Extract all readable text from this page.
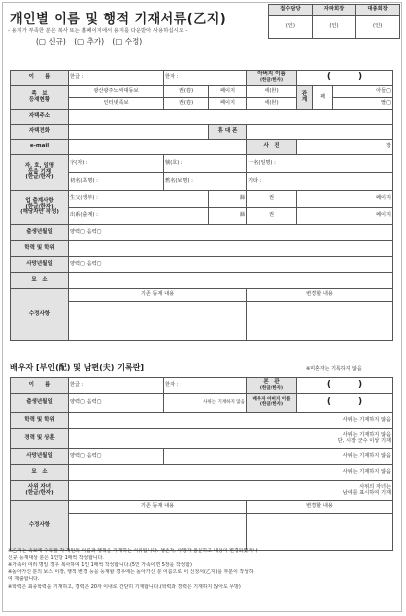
개인별 이름 및 행적 기재서류(乙지)
- 용지가 부족한 분은 복사 또는 홈페이지에서 용지를 다운받아 사용하십시오 -
(▢ 신규) (▢ 추가) (▢ 수정)
접수담당	자파회장	대종회장
(인)	(인)	(인)
이　　름	한글 :	한자 :		아버지 이름
(한글/한자)	(　　　)		
족　보
등재현황	광산광주노씨대동보	권(卷)	페이지	세(世)	관
계	째	아들▢
	인터넷족보	권(卷)	페이지	세(世)			딸▢
자택주소							
자택전화			휴 대 폰				
e-mail				사　진	장		
자, 호, 일명
등을 기재
(한글/한자)	字(자) :	號(호) :		一名(일명) :			
	初名(초명) :	舊名(보명) :		기타 :			
업 출계사항
(한글/한자)
(해당자만 작성)	生父(생부) :		篩	권	페이지		
	出系(출계) :		篩	권	페이지		
출생년월일	양력▢ 음력▢						
학력 및 학위							
사망년월일	양력▢ 음력▢						
묘　소							
수정사항	기존 등재 내용			변경할 내용			

배우자 [부인(配) 및 남편(夫) 기록란]	※미혼자는 기록하지 않음
이　　름	한글 :	한자 :	본　관
(한글/한자)	(　　　)
출생년월일	양력▢ 음력▢	사위는 기재하지 않음	배우자 아버지 이름
(한글/한자)	(　　　)
학력 및 학위	사위는 기재하지 않음			
경력 및 상훈	사위는 기재하지 않음
단, 시장 군수 이상 기재			
사망년월일	양력▢ 음력▢	사위는 기재하지 않음		
묘　소	사위는 기재하지 않음			
사위 자녀
(한글/한자)	사위의 자녀는
남여를 표시하여 기재			
수정사항	기존 등재 내용		변경할 내용	

※乙지는 족보에 수록할 각 개인의 이름과 행적을 기재하는 서류입니다. 생존자, 사망자 불문하고 내용이 변경되었거나
신규 등재대상 분은 1인당 1매씩 작성합니다.
※가족이 여러 명일 경우 복사하여 1인 1매씩 작성합니다.(5인 가족이면 5장을 작성함)
※돌아가신 분의 보스 이장, 행적 변경 등을 등재할 경우에는 돌아가신 분 이름으로 이 신청서(乙지)를 부분이 작성하
여 제출합니다.
※학력은 최종학력을 기재하고, 경력은 20자 이내로 간단히 기재합니다.(학력과 경력은 기재하지 않아도 무방)
